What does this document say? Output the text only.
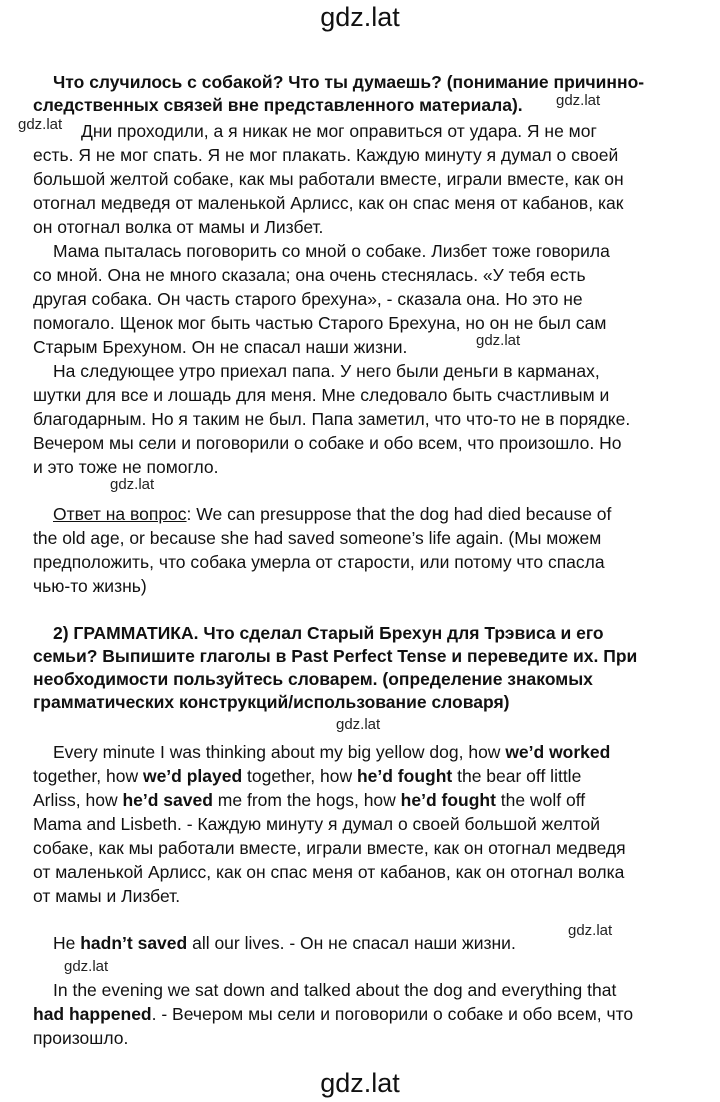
gdz.lat
gdz.lat
gdz.lat
gdz.lat
gdz.lat
gdz.lat
gdz.lat
gdz.lat
gdz.lat
Что случилось с собакой? Что ты думаешь? (понимание причинно-
следственных связей вне представленного материала).
Дни проходили, а я никак не мог оправиться от удара. Я не мог
есть. Я не мог спать. Я не мог плакать. Каждую минуту я думал о своей
большой желтой собаке, как мы работали вместе, играли вместе, как он
отогнал медведя от маленькой Арлисс, как он спас меня от кабанов, как
он отогнал волка от мамы и Лизбет.
Мама пыталась поговорить со мной о собаке. Лизбет тоже говорила
со мной. Она не много сказала; она очень стеснялась. «У тебя есть
другая собака. Он часть старого брехуна», - сказала она. Но это не
помогало. Щенок мог быть частью Старого Брехуна, но он не был сам
Старым Брехуном. Он не спасал наши жизни.
На следующее утро приехал папа. У него были деньги в карманах,
шутки для все и лошадь для меня. Мне следовало быть счастливым и
благодарным. Но я таким не был. Папа заметил, что что-то не в порядке.
Вечером мы сели и поговорили о собаке и обо всем, что произошло. Но
и это тоже не помогло.
Ответ на вопрос: We can presuppose that the dog had died because of
the old age, or because she had saved someone’s life again. (Мы можем
предположить, что собака умерла от старости, или потому что спасла
чью-то жизнь)
2) ГРАММАТИКА. Что сделал Старый Брехун для Трэвиса и его
семьи? Выпишите глаголы в Past Perfect Tense и переведите их. При
необходимости пользуйтесь словарем. (определение знакомых
грамматических конструкций/использование словаря)
Every minute I was thinking about my big yellow dog, how we’d worked
together, how we’d played together, how he’d fought the bear off little
Arliss, how he’d saved me from the hogs, how he’d fought the wolf off
Mama and Lisbeth. - Каждую минуту я думал о своей большой желтой
собаке, как мы работали вместе, играли вместе, как он отогнал медведя
от маленькой Арлисс, как он спас меня от кабанов, как он отогнал волка
от мамы и Лизбет.
He hadn’t saved all our lives. - Он не спасал наши жизни.
In the evening we sat down and talked about the dog and everything that
had happened. - Вечером мы сели и поговорили о собаке и обо всем, что
произошло.
